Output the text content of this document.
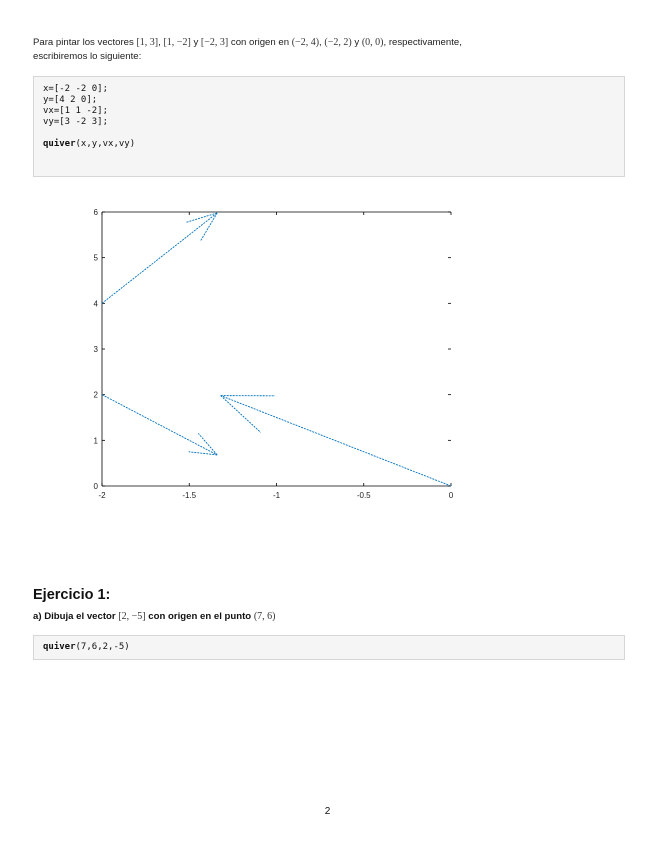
Para pintar los vectores [1, 3], [1, −2] y [−2, 3] con origen en (−2, 4), (−2, 2) y (0, 0), respectivamente,
escribiremos lo siguiente:
x=[-2 -2 0];
y=[4 2 0];
vx=[1 1 -2];
vy=[3 -2 3];
quiver(x,y,vx,vy)
0
1
2
3
4
5
6
-2	-1.5	-1	-0.5	0
Ejercicio 1:
a) Dibuja el vector [2, −5] con origen en el punto (7, 6)
quiver(7,6,2,-5)
2
